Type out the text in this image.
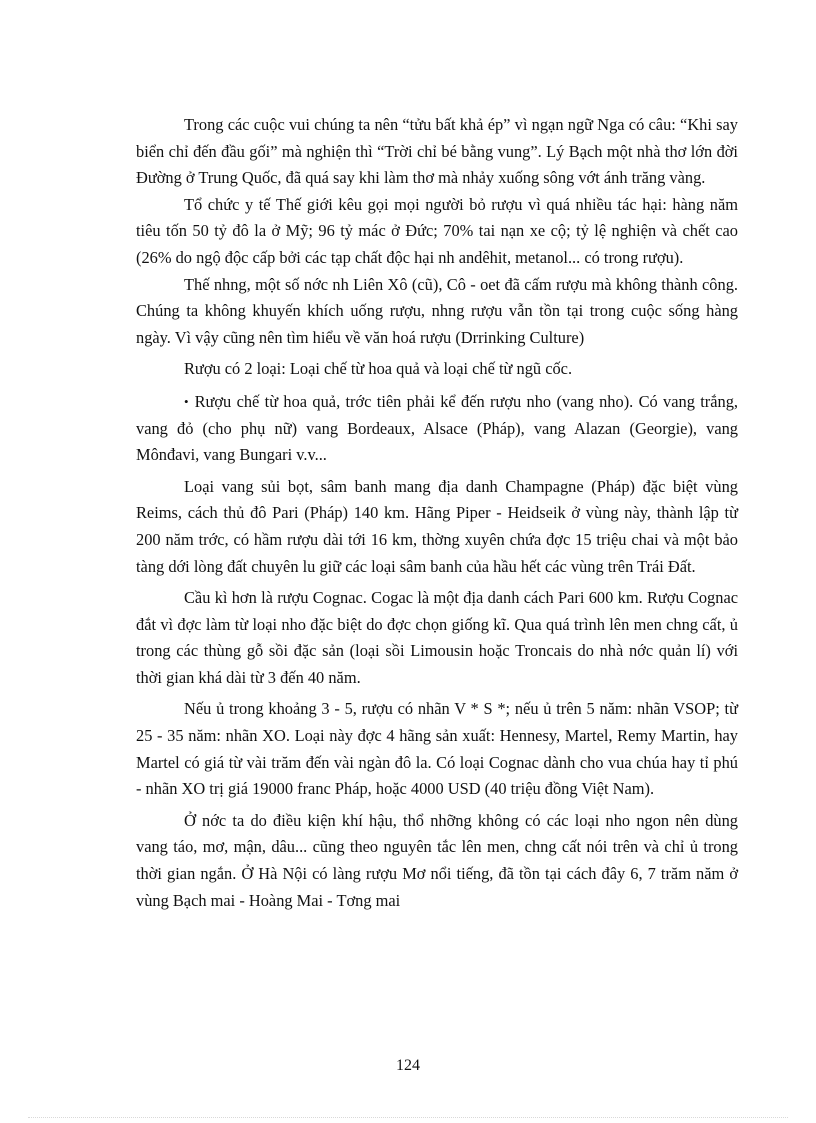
Trong các cuộc vui chúng ta nên “tửu bất khả ép” vì ngạn ngữ Nga có câu: “Khi say biển chỉ đến đầu gối” mà nghiện thì “Trời chỉ bé bằng vung”. Lý Bạch một nhà thơ lớn đời Đường ở Trung Quốc, đã quá say khi làm thơ mà nhảy xuống sông vớt ánh trăng vàng.

Tổ chức y tế Thế giới kêu gọi mọi người bỏ rượu vì quá nhiều tác hại: hàng năm tiêu tốn 50 tỷ đô la ở Mỹ; 96 tỷ mác ở Đức; 70% tai nạn xe cộ; tỷ lệ nghiện và chết cao (26% do ngộ độc cấp bởi các tạp chất độc hại nh andêhit, metanol... có trong rượu).

Thế nhng, một số nớc nh Liên Xô (cũ), Cô - oet đã cấm rượu mà không thành công. Chúng ta không khuyến khích uống rượu, nhng rượu vẫn tồn tại trong cuộc sống hàng ngày. Vì vậy cũng nên tìm hiểu về văn hoá rượu (Drrinking Culture)

Rượu có 2 loại: Loại chế từ hoa quả và loại chế từ ngũ cốc.

• Rượu chế từ hoa quả, trớc tiên phải kể đến rượu nho (vang nho). Có vang trắng, vang đỏ (cho phụ nữ) vang Bordeaux, Alsace (Pháp), vang Alazan (Georgie), vang Mônđavi, vang Bungari v.v...

Loại vang sủi bọt, sâm banh mang địa danh Champagne (Pháp) đặc biệt vùng Reims, cách thủ đô Pari (Pháp) 140 km. Hãng Piper - Heidseik ở vùng này, thành lập từ 200 năm trớc, có hầm rượu dài tới 16 km, thờng xuyên chứa đợc 15 triệu chai và một bảo tàng dới lòng đất chuyên lu giữ các loại sâm banh của hầu hết các vùng trên Trái Đất.

Cầu kì hơn là rượu Cognac. Cogac là một địa danh cách Pari 600 km. Rượu Cognac đắt vì đợc làm từ loại nho đặc biệt do đợc chọn giống kĩ. Qua quá trình lên men chng cất, ủ trong các thùng gỗ sồi đặc sản (loại sồi Limousin hoặc Troncais do nhà nớc quản lí) với thời gian khá dài từ 3 đến 40 năm.

Nếu ủ trong khoảng 3 - 5, rượu có nhãn V * S *; nếu ủ trên 5 năm: nhãn VSOP; từ 25 - 35 năm: nhãn XO. Loại này đợc 4 hãng sản xuất: Hennesy, Martel, Remy Martin, hay Martel có giá từ vài trăm đến vài ngàn đô la. Có loại Cognac dành cho vua chúa hay tỉ phú - nhãn XO trị giá 19000 franc Pháp, hoặc 4000 USD (40 triệu đồng Việt Nam).

Ở nớc ta do điều kiện khí hậu, thổ nhỡng không có các loại nho ngon nên dùng vang táo, mơ, mận, dâu... cũng theo nguyên tắc lên men, chng cất nói trên và chỉ ủ trong thời gian ngắn. Ở Hà Nội có làng rượu Mơ nổi tiếng, đã tồn tại cách đây 6, 7 trăm năm ở vùng Bạch mai - Hoàng Mai - Tơng mai

124
